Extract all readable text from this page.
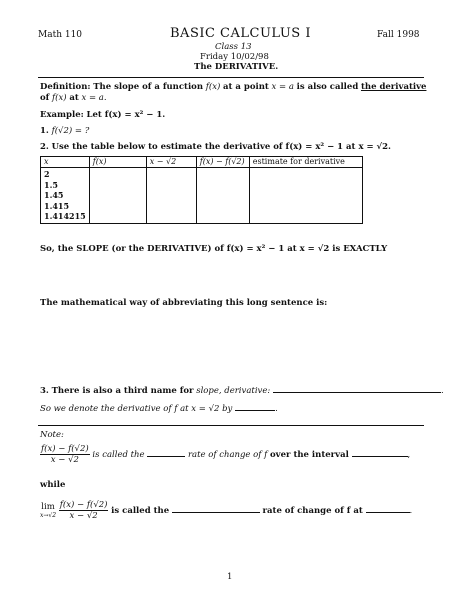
Math 110	BASIC CALCULUS I	Fall 1998
Class 13
Friday 10/02/98
The DERIVATIVE.
Definition: The slope of a function f(x) at a point x = a is also called the derivative
of f(x) at x = a.
Example: Let f(x) = x² − 1.
1. f(√2) = ?
2. Use the table below to estimate the derivative of f(x) = x² − 1 at x = √2.
x	f(x)	x − √2	f(x) − f(√2)	estimate for derivative

2
1.5
1.45
1.415
1.414215				

So, the SLOPE (or the DERIVATIVE) of f(x) = x² − 1 at x = √2 is EXACTLY
The mathematical way of abbreviating this long sentence is:
3. There is also a third name for slope, derivative:	.
So we denote the derivative of f at x = √2 by	.
Note:
$\frac{f(x) - f(√2)}{x - √2}$ is called the	rate of change of f over the interval	,
while
lim
x→√2
$\frac{f(x) - f(√2)}{x - √2}$ is called the	rate of change of f at	.
1
